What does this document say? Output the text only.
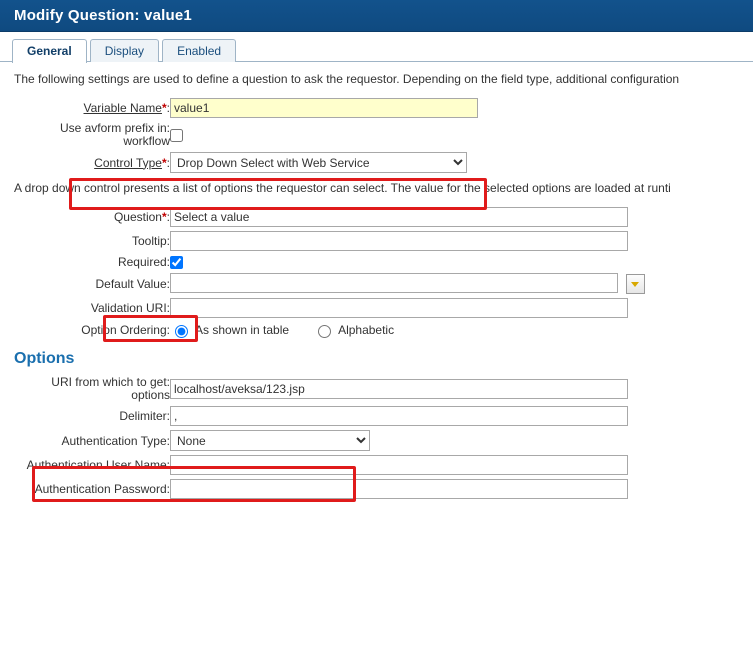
Modify Question: value1
General	Display	Enabled
The following settings are used to define a question to ask the requestor. Depending on the field type, additional configuration
Variable Name*:	value1

Use avform prefix in:
workflow

Control Type*:	
Drop Down Select with Web Service
A drop down control presents a list of options the requestor can select. The value for the selected options are loaded at runti
Question*:	Select a value
Tooltip:	
Required:	
Default Value:	
Validation URI:	
Option Ordering:	As shown in table Alphabetic
Options
URI from which to get:
options
	localhost/aveksa/123.jsp
Delimiter:	,
Authentication Type:	
None
Authentication User Name:	
Authentication Password:	
